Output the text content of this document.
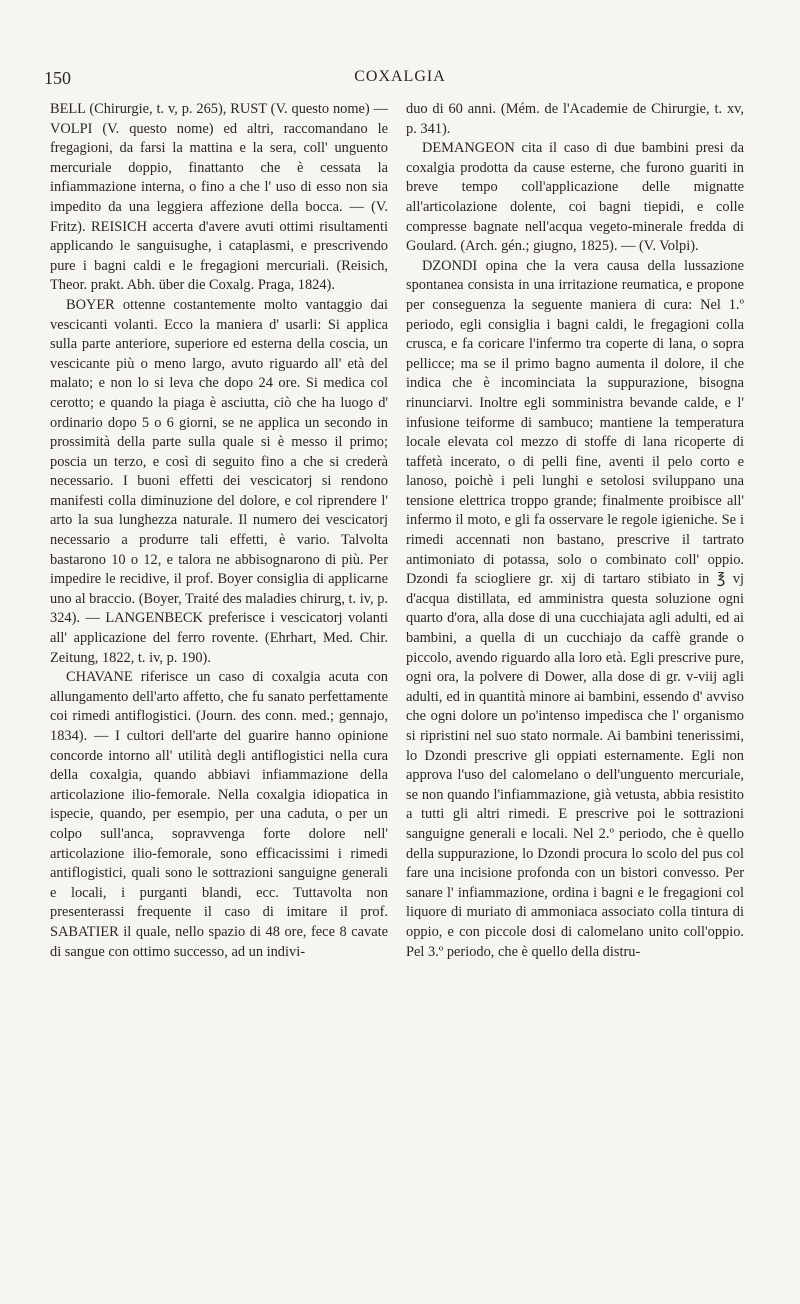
150	COXALGIA

BELL (Chirurgie, t. v, p. 265), RUST (V. questo nome) — VOLPI (V. questo nome) ed altri, raccomandano le fregagioni, da farsi la mattina e la sera, coll' unguento mercuriale doppio, finattanto che è cessata la infiammazione interna, o fino a che l' uso di esso non sia impedito da una leggiera affezione della bocca. — (V. Fritz). REISICH accerta d'avere avuti ottimi risultamenti applicando le sanguisughe, i cataplasmi, e prescrivendo pure i bagni caldi e le fregagioni mercuriali. (Reisich, Theor. prakt. Abh. über die Coxalg. Praga, 1824).

BOYER ottenne costantemente molto vantaggio dai vescicanti volanti. Ecco la maniera d' usarli: Si applica sulla parte anteriore, superiore ed esterna della coscia, un vescicante più o meno largo, avuto riguardo all' età del malato; e non lo si leva che dopo 24 ore. Si medica col cerotto; e quando la piaga è asciutta, ciò che ha luogo d' ordinario dopo 5 o 6 giorni, se ne applica un secondo in prossimità della parte sulla quale si è messo il primo; poscia un terzo, e così di seguito fino a che si crederà necessario. I buoni effetti dei vescicatorj si rendono manifesti colla diminuzione del dolore, e col riprendere l' arto la sua lunghezza naturale. Il numero dei vescicatorj necessario a produrre tali effetti, è vario. Talvolta bastarono 10 o 12, e talora ne abbisognarono di più. Per impedire le recidive, il prof. Boyer consiglia di applicarne uno al braccio. (Boyer, Traité des maladies chirurg, t. iv, p. 324). — LANGENBECK preferisce i vescicatorj volanti all' applicazione del ferro rovente. (Ehrhart, Med. Chir. Zeitung, 1822, t. iv, p. 190).

CHAVANE riferisce un caso di coxalgia acuta con allungamento dell'arto affetto, che fu sanato perfettamente coi rimedi antiflogistici. (Journ. des conn. med.; gennajo, 1834). — I cultori dell'arte del guarire hanno opinione concorde intorno all' utilità degli antiflogistici nella cura della coxalgia, quando abbiavi infiammazione della articolazione ilio-femorale. Nella coxalgia idiopatica in ispecie, quando, per esempio, per una caduta, o per un colpo sull'anca, sopravvenga forte dolore nell' articolazione ilio-femorale, sono efficacissimi i rimedi antiflogistici, quali sono le sottrazioni sanguigne generali e locali, i purganti blandi, ecc. Tuttavolta non presenterassi frequente il caso di imitare il prof. SABATIER il quale, nello spazio di 48 ore, fece 8 cavate di sangue con ottimo successo, ad un indivi-

duo di 60 anni. (Mém. de l'Academie de Chirurgie, t. xv, p. 341).

DEMANGEON cita il caso di due bambini presi da coxalgia prodotta da cause esterne, che furono guariti in breve tempo coll'applicazione delle mignatte all'articolazione dolente, coi bagni tiepidi, e colle compresse bagnate nell'acqua vegeto-minerale fredda di Goulard. (Arch. gén.; giugno, 1825). — (V. Volpi).

DZONDI opina che la vera causa della lussazione spontanea consista in una irritazione reumatica, e propone per conseguenza la seguente maniera di cura: Nel 1.º periodo, egli consiglia i bagni caldi, le fregagioni colla crusca, e fa coricare l'infermo tra coperte di lana, o sopra pellicce; ma se il primo bagno aumenta il dolore, il che indica che è incominciata la suppurazione, bisogna rinunciarvi. Inoltre egli somministra bevande calde, e l' infusione teiforme di sambuco; mantiene la temperatura locale elevata col mezzo di stoffe di lana ricoperte di taffetà incerato, o di pelli fine, aventi il pelo corto e lanoso, poichè i peli lunghi e setolosi sviluppano una tensione elettrica troppo grande; finalmente proibisce all' infermo il moto, e gli fa osservare le regole igieniche. Se i rimedi accennati non bastano, prescrive il tartrato antimoniato di potassa, solo o combinato coll' oppio. Dzondi fa sciogliere gr. xij di tartaro stibiato in ℥ vj d'acqua distillata, ed amministra questa soluzione ogni quarto d'ora, alla dose di una cucchiajata agli adulti, ed ai bambini, a quella di un cucchiajo da caffè grande o piccolo, avendo riguardo alla loro età. Egli prescrive pure, ogni ora, la polvere di Dower, alla dose di gr. v-viij agli adulti, ed in quantità minore ai bambini, essendo d' avviso che ogni dolore un po'intenso impedisca che l' organismo si ripristini nel suo stato normale. Ai bambini tenerissimi, lo Dzondi prescrive gli oppiati esternamente. Egli non approva l'uso del calomelano o dell'unguento mercuriale, se non quando l'infiammazione, già vetusta, abbia resistito a tutti gli altri rimedi. E prescrive poi le sottrazioni sanguigne generali e locali. Nel 2.º periodo, che è quello della suppurazione, lo Dzondi procura lo scolo del pus col fare una incisione profonda con un bistori convesso. Per sanare l' infiammazione, ordina i bagni e le fregagioni col liquore di muriato di ammoniaca associato colla tintura di oppio, e con piccole dosi di calomelano unito coll'oppio. Pel 3.º periodo, che è quello della distru-
